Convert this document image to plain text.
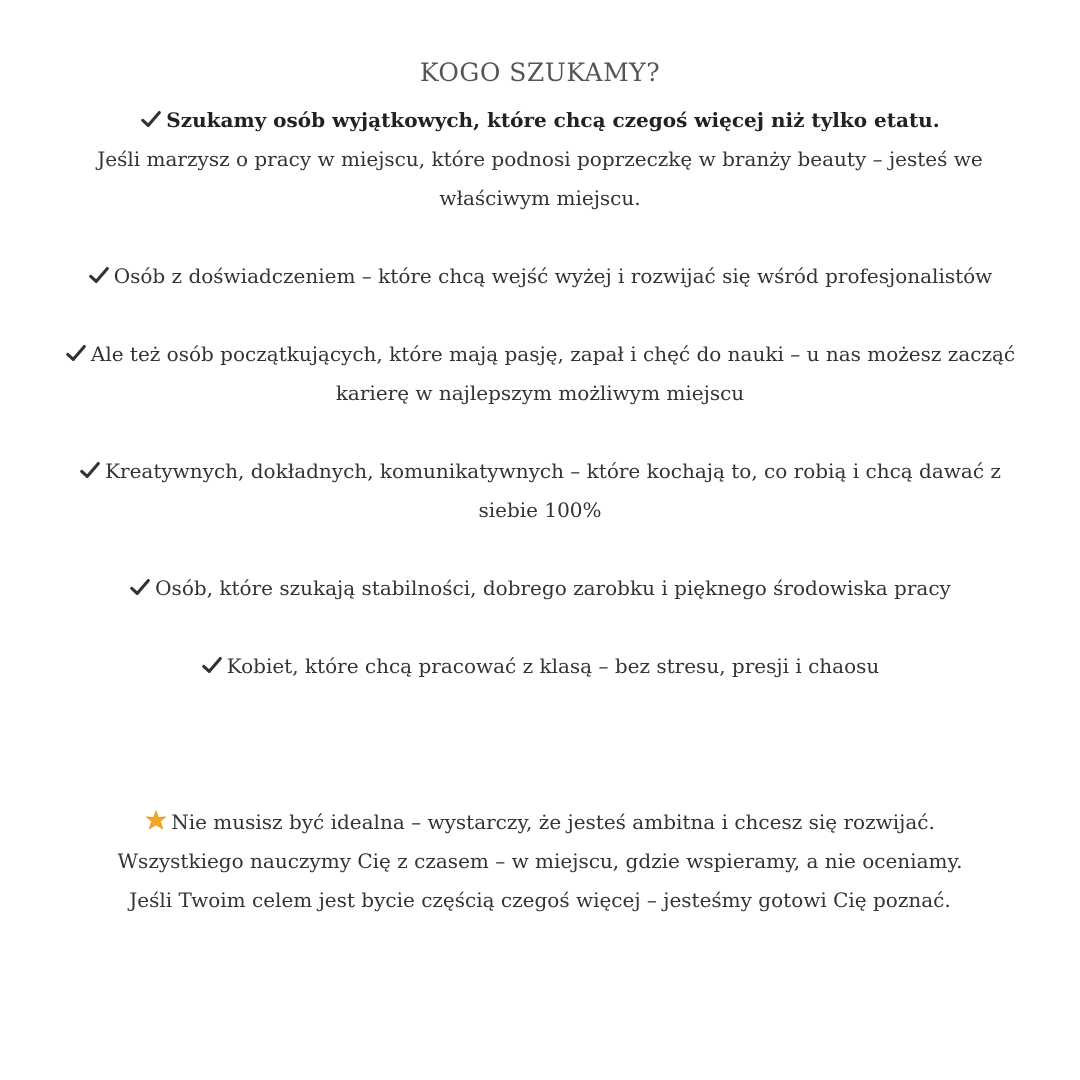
KOGO SZUKAMY?
Szukamy osób wyjątkowych, które chcą czegoś więcej niż tylko etatu.
Jeśli marzysz o pracy w miejscu, które podnosi poprzeczkę w branży beauty – jesteś we właściwym miejscu.
Osób z doświadczeniem – które chcą wejść wyżej i rozwijać się wśród profesjonalistów
Ale też osób początkujących, które mają pasję, zapał i chęć do nauki – u nas możesz zacząć karierę w najlepszym możliwym miejscu
Kreatywnych, dokładnych, komunikatywnych – które kochają to, co robią i chcą dawać z siebie 100%
Osób, które szukają stabilności, dobrego zarobku i pięknego środowiska pracy
Kobiet, które chcą pracować z klasą – bez stresu, presji i chaosu
Nie musisz być idealna – wystarczy, że jesteś ambitna i chcesz się rozwijać.
Wszystkiego nauczymy Cię z czasem – w miejscu, gdzie wspieramy, a nie oceniamy.
Jeśli Twoim celem jest bycie częścią czegoś więcej – jesteśmy gotowi Cię poznać.
